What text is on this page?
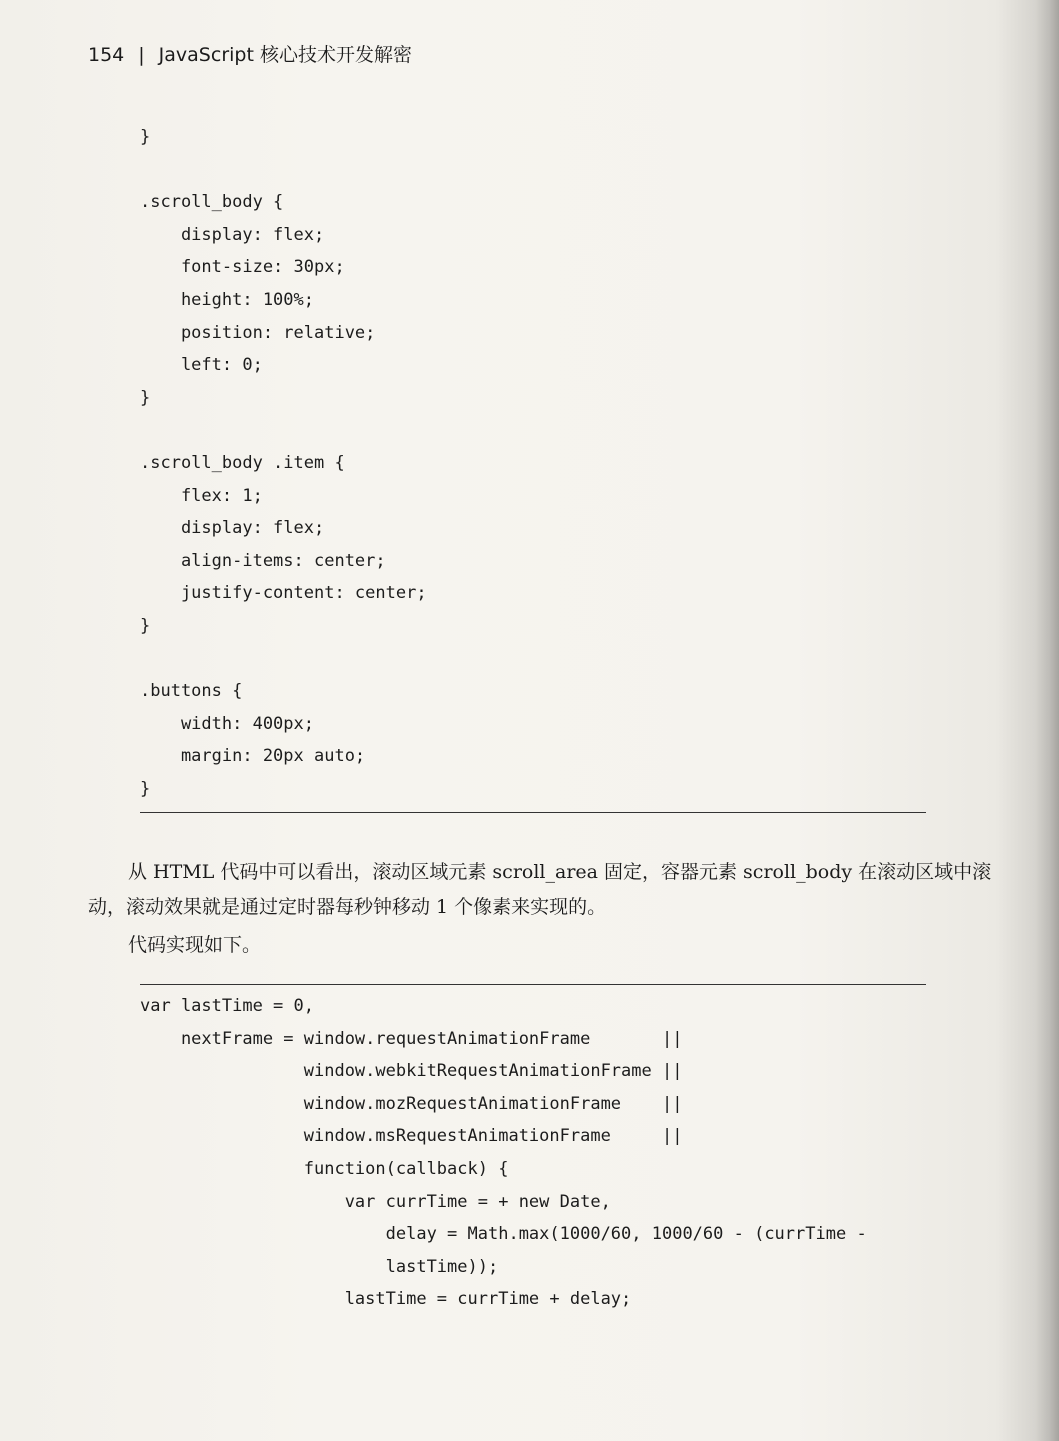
154 | JavaScript 核心技术开发解密
}

.scroll_body {
display: flex;
font-size: 30px;
height: 100%;
position: relative;
left: 0;
}

.scroll_body .item {
flex: 1;
display: flex;
align-items: center;
justify-content: center;
}

.buttons {
width: 400px;
margin: 20px auto;
}

从 HTML 代码中可以看出，滚动区域元素 scroll_area 固定，容器元素 scroll_body 在滚动区域中滚动，滚动效果就是通过定时器每秒钟移动 1 个像素来实现的。

代码实现如下。
var lastTime = 0,
nextFrame = window.requestAnimationFrame       ||
window.webkitRequestAnimationFrame ||
window.mozRequestAnimationFrame    ||
window.msRequestAnimationFrame     ||
function(callback) {
var currTime = + new Date,
delay = Math.max(1000/60, 1000/60 - (currTime -
lastTime));
lastTime = currTime + delay;
